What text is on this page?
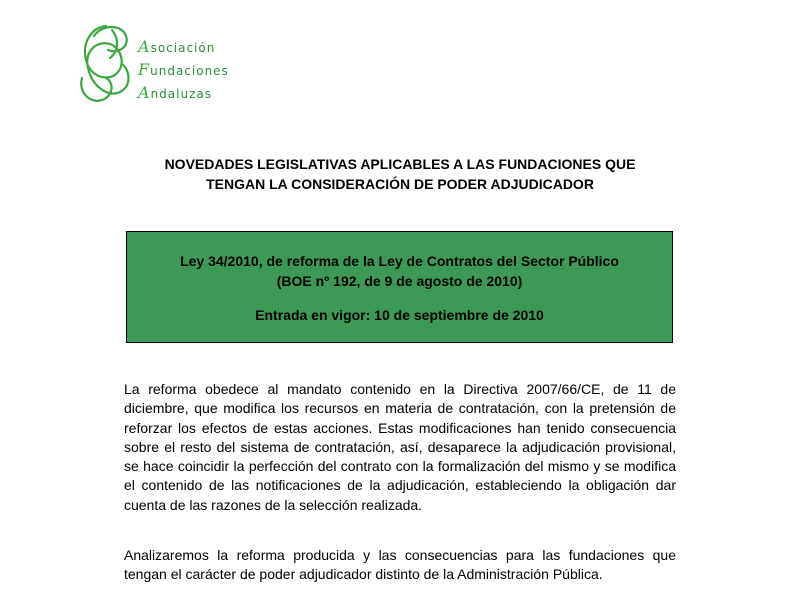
Asociación
Fundaciones
Andaluzas
NOVEDADES LEGISLATIVAS APLICABLES A LAS FUNDACIONES QUE
TENGAN LA CONSIDERACIÓN DE PODER ADJUDICADOR
Ley 34/2010, de reforma de la Ley de Contratos del Sector Público
(BOE nº 192, de 9 de agosto de 2010)
Entrada en vigor: 10 de septiembre de 2010

La reforma obedece al mandato contenido en la Directiva 2007/66/CE, de 11 de diciembre, que modifica los recursos en materia de contratación, con la pretensión de reforzar los efectos de estas acciones. Estas modificaciones han tenido consecuencia sobre el resto del sistema de contratación, así, desaparece la adjudicación provisional, se hace coincidir la perfección del contrato con la formalización del mismo y se modifica el contenido de las notificaciones de la adjudicación, estableciendo la obligación dar cuenta de las razones de la selección realizada.

Analizaremos la reforma producida y las consecuencias para las fundaciones que tengan el carácter de poder adjudicador distinto de la Administración Pública.
